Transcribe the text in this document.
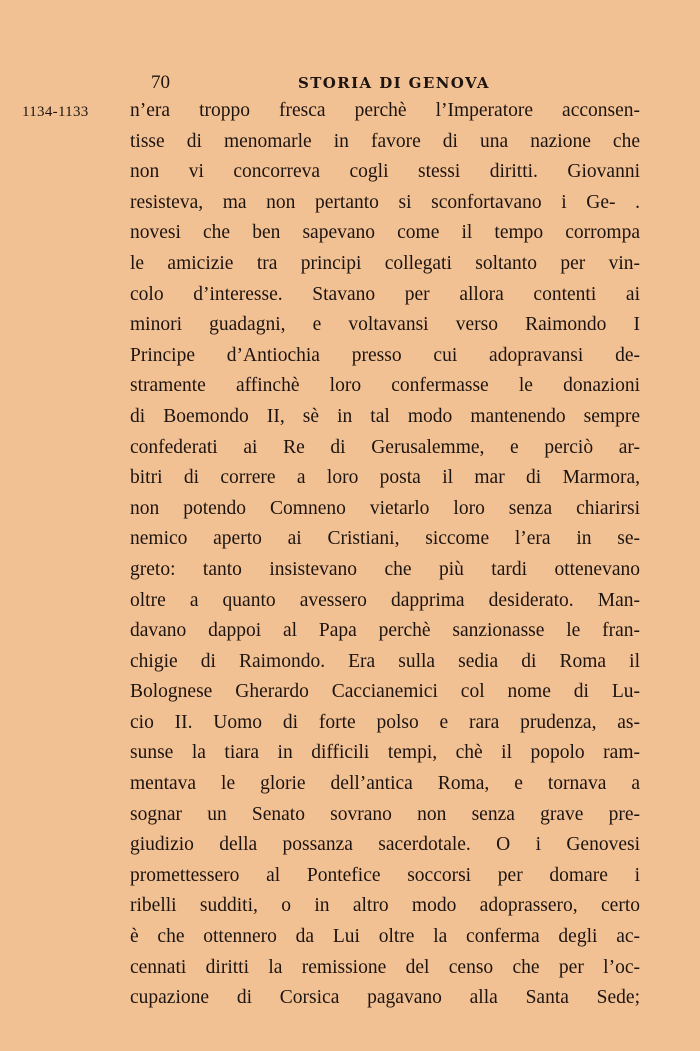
70	STORIA DI GENOVA
1134-1133 n’era troppo fresca perchè l’Imperatore acconsen-
tisse di menomarle in favore di una nazione che
non vi concorreva cogli stessi diritti. Giovanni
resisteva, ma non pertanto si sconfortavano i Ge- .
novesi che ben sapevano come il tempo corrompa
le amicizie tra principi collegati soltanto per vin-
colo d’interesse. Stavano per allora contenti ai
minori guadagni, e voltavansi verso Raimondo I
Principe d’Antiochia presso cui adopravansi de-
stramente affinchè loro confermasse le donazioni
di Boemondo II, sè in tal modo mantenendo sempre
confederati ai Re di Gerusalemme, e perciò ar-
bitri di correre a loro posta il mar di Marmora,
non potendo Comneno vietarlo loro senza chiarirsi
nemico aperto ai Cristiani, siccome l’era in se-
greto: tanto insistevano che più tardi ottenevano
oltre a quanto avessero dapprima desiderato. Man-
davano dappoi al Papa perchè sanzionasse le fran-
chigie di Raimondo. Era sulla sedia di Roma il
Bolognese Gherardo Caccianemici col nome di Lu-
cio II. Uomo di forte polso e rara prudenza, as-
sunse la tiara in difficili tempi, chè il popolo ram-
mentava le glorie dell’antica Roma, e tornava a
sognar un Senato sovrano non senza grave pre-
giudizio della possanza sacerdotale. O i Genovesi
promettessero al Pontefice soccorsi per domare i
ribelli sudditi, o in altro modo adoprassero, certo
è che ottennero da Lui oltre la conferma degli ac-
cennati diritti la remissione del censo che per l’oc-
cupazione di Corsica pagavano alla Santa Sede;
